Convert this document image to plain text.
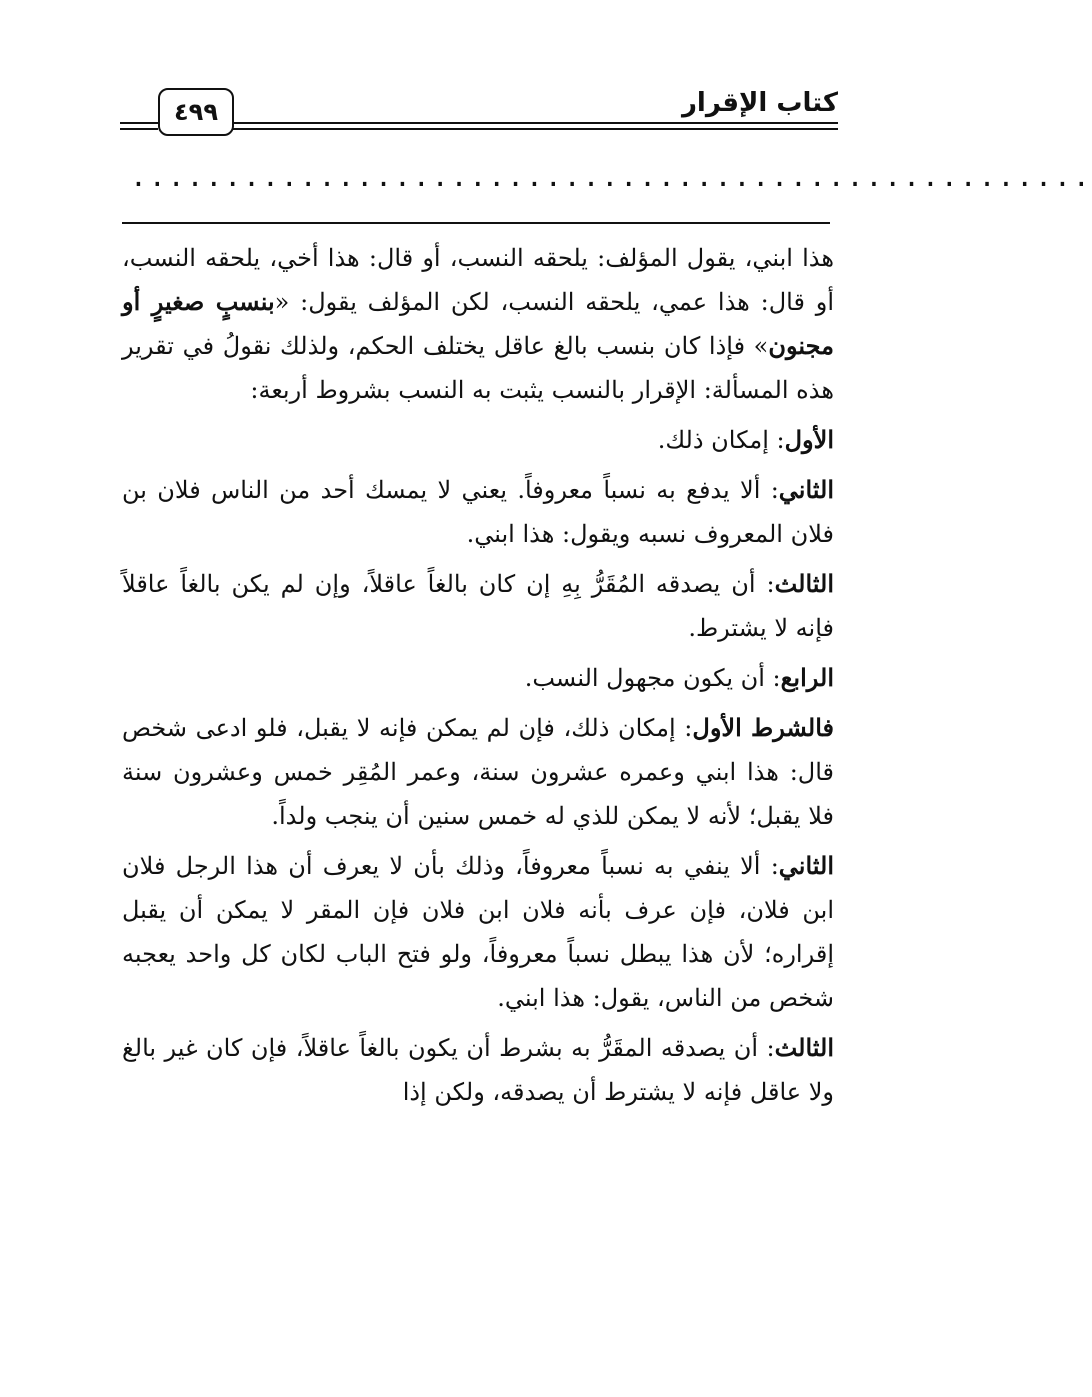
٤٩٩	كتاب الإقرار
...................................................

هذا ابني، يقول المؤلف: يلحقه النسب، أو قال: هذا أخي، يلحقه النسب، أو قال: هذا عمي، يلحقه النسب، لكن المؤلف يقول: «بنسبٍ صغيرٍ أو مجنون» فإذا كان بنسب بالغ عاقل يختلف الحكم، ولذلك نقولُ في تقرير هذه المسألة: الإقرار بالنسب يثبت به النسب بشروط أربعة:

الأول: إمكان ذلك.

الثاني: ألا يدفع به نسباً معروفاً. يعني لا يمسك أحد من الناس فلان بن فلان المعروف نسبه ويقول: هذا ابني.

الثالث: أن يصدقه المُقَرُّ بِهِ إن كان بالغاً عاقلاً، وإن لم يكن بالغاً عاقلاً فإنه لا يشترط.

الرابع: أن يكون مجهول النسب.

فالشرط الأول: إمكان ذلك، فإن لم يمكن فإنه لا يقبل، فلو ادعى شخص قال: هذا ابني وعمره عشرون سنة، وعمر المُقِر خمس وعشرون سنة فلا يقبل؛ لأنه لا يمكن للذي له خمس سنين أن ينجب ولداً.

الثاني: ألا ينفي به نسباً معروفاً، وذلك بأن لا يعرف أن هذا الرجل فلان ابن فلان، فإن عرف بأنه فلان ابن فلان فإن المقر لا يمكن أن يقبل إقراره؛ لأن هذا يبطل نسباً معروفاً، ولو فتح الباب لكان كل واحد يعجبه شخص من الناس، يقول: هذا ابني.

الثالث: أن يصدقه المقَرُّ به بشرط أن يكون بالغاً عاقلاً، فإن كان غير بالغ ولا عاقل فإنه لا يشترط أن يصدقه، ولكن إذا
